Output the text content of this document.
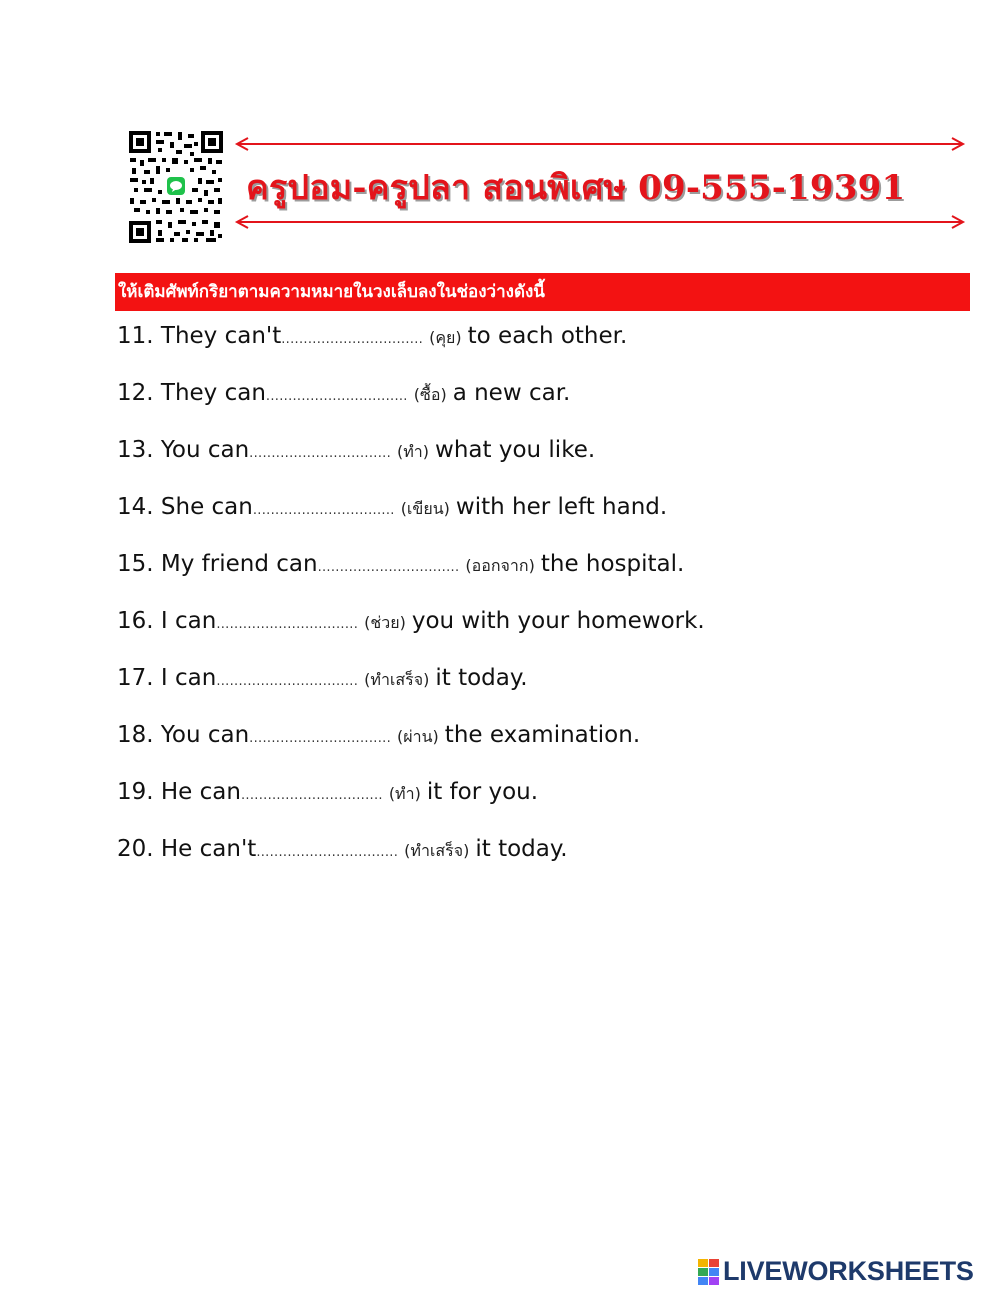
ครูปอม-ครูปลา สอนพิเศษ 09-555-19391
ให้เติมศัพท์กริยาตามความหมายในวงเล็บลงในช่องว่างดังนี้
11. They can't ................................ (คุย) to each other.
12. They can ................................ (ซื้อ) a new car.
13. You can ................................ (ทำ) what you like.
14. She can ................................ (เขียน) with her left hand.
15. My friend can ................................ (ออกจาก) the hospital.
16. I can ................................ (ช่วย) you with your homework.
17. I can ................................ (ทำเสร็จ) it today.
18. You can ................................ (ผ่าน) the examination.
19. He can ................................ (ทำ) it for you.
20. He can't ................................ (ทำเสร็จ) it today.
LIVEWORKSHEETS
